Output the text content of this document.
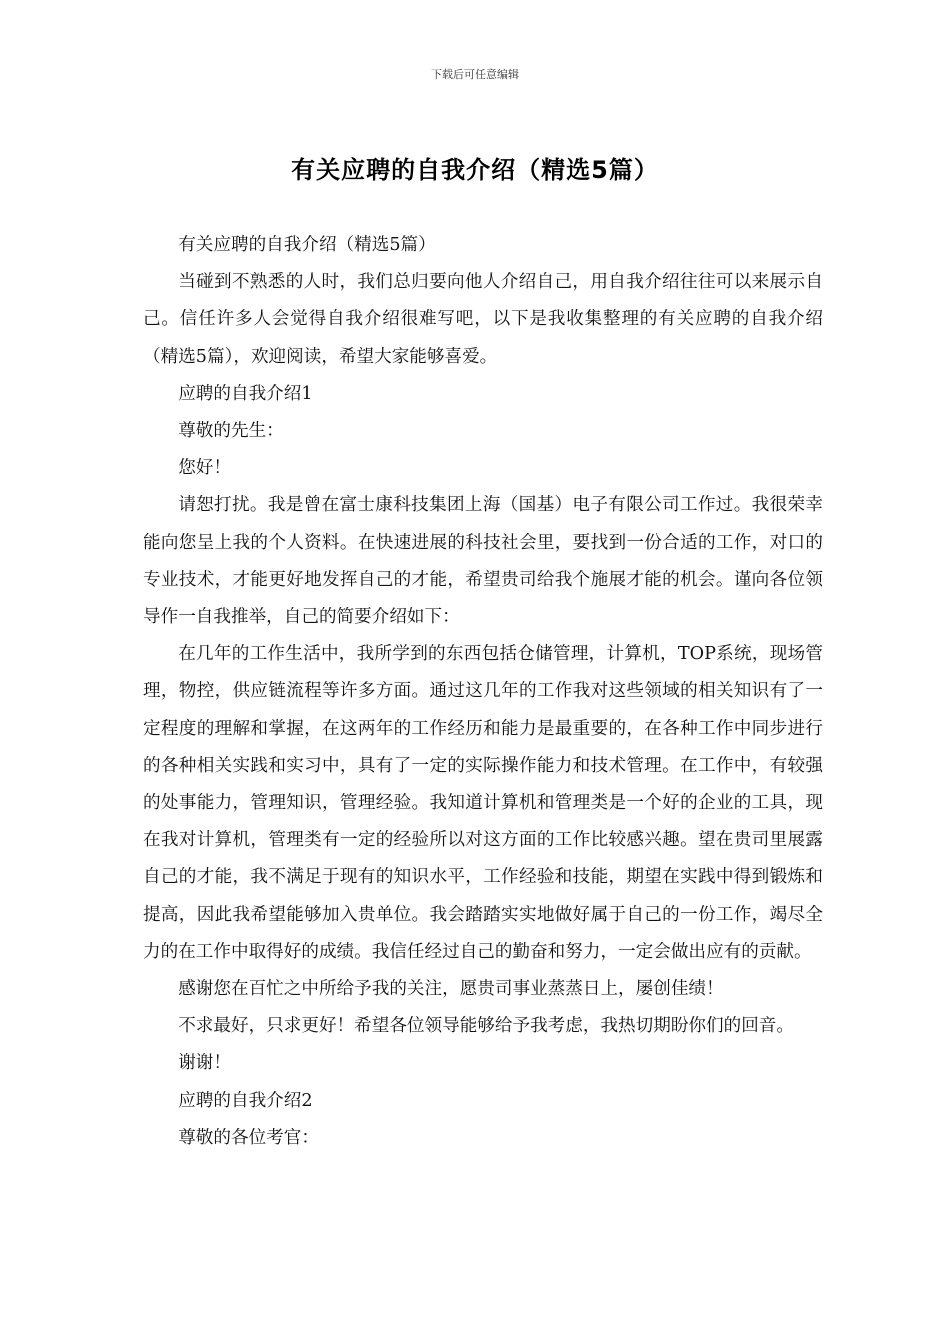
下载后可任意编辑
有关应聘的自我介绍（精选5篇）

有关应聘的自我介绍（精选5篇）

当碰到不熟悉的人时，我们总归要向他人介绍自己，用自我介绍往往可以来展示自己。信任许多人会觉得自我介绍很难写吧，以下是我收集整理的有关应聘的自我介绍（精选5篇），欢迎阅读，希望大家能够喜爱。

应聘的自我介绍1

尊敬的先生：

您好！

请恕打扰。我是曾在富士康科技集团上海（国基）电子有限公司工作过。我很荣幸能向您呈上我的个人资料。在快速进展的科技社会里，要找到一份合适的工作，对口的专业技术，才能更好地发挥自己的才能，希望贵司给我个施展才能的机会。谨向各位领导作一自我推举，自己的简要介绍如下：

在几年的工作生活中，我所学到的东西包括仓储管理，计算机，TOP系统，现场管理，物控，供应链流程等许多方面。通过这几年的工作我对这些领域的相关知识有了一定程度的理解和掌握，在这两年的工作经历和能力是最重要的，在各种工作中同步进行的各种相关实践和实习中，具有了一定的实际操作能力和技术管理。在工作中，有较强的处事能力，管理知识，管理经验。我知道计算机和管理类是一个好的企业的工具，现在我对计算机，管理类有一定的经验所以对这方面的工作比较感兴趣。望在贵司里展露自己的才能，我不满足于现有的知识水平，工作经验和技能，期望在实践中得到锻炼和提高，因此我希望能够加入贵单位。我会踏踏实实地做好属于自己的一份工作，竭尽全力的在工作中取得好的成绩。我信任经过自己的勤奋和努力，一定会做出应有的贡献。

感谢您在百忙之中所给予我的关注，愿贵司事业蒸蒸日上，屡创佳绩！

不求最好，只求更好！希望各位领导能够给予我考虑，我热切期盼你们的回音。

谢谢！

应聘的自我介绍2

尊敬的各位考官：
